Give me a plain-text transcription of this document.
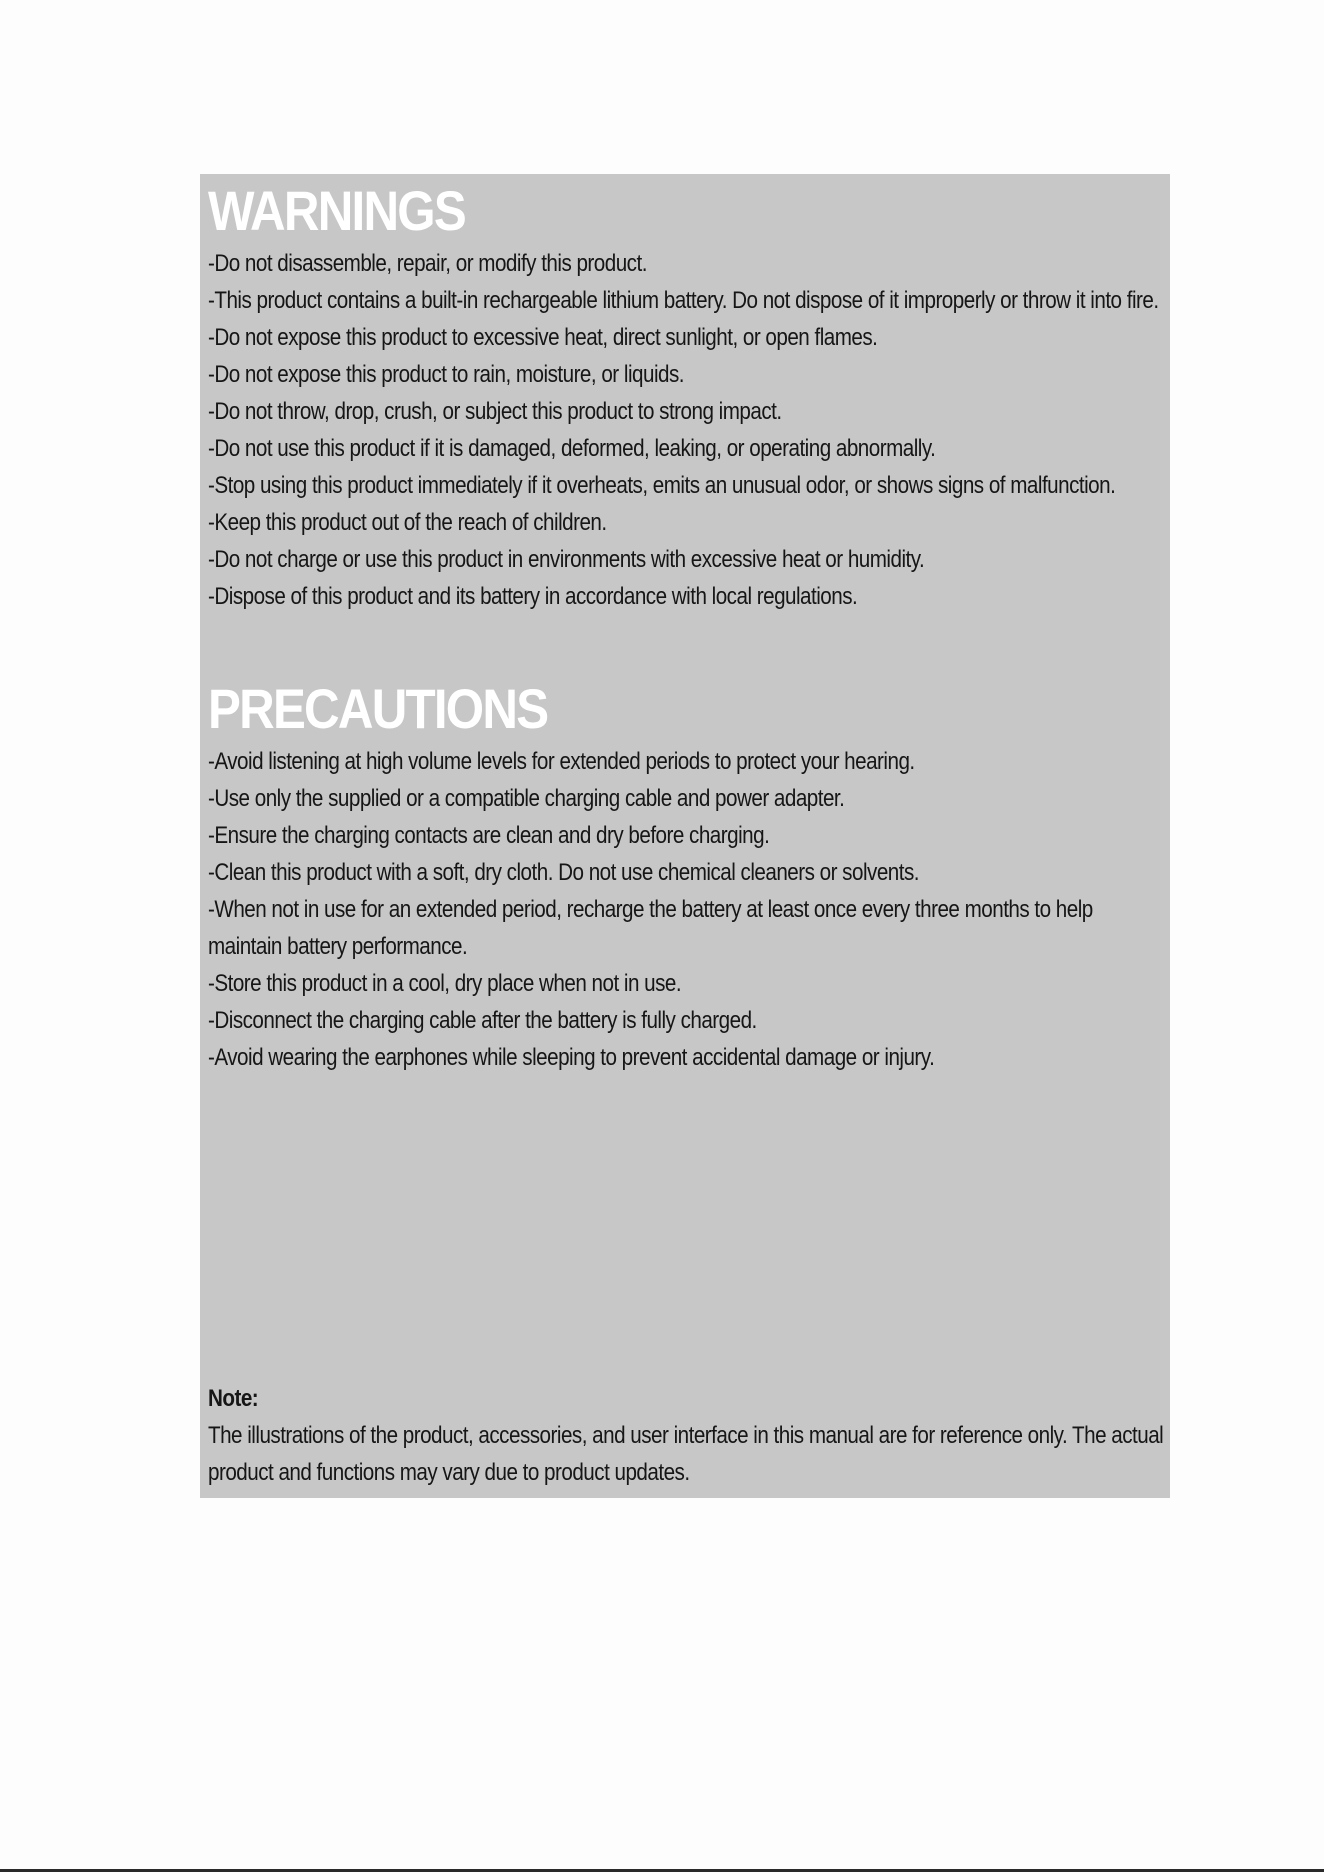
WARNINGS
-Do not disassemble, repair, or modify this product.
-This product contains a built-in rechargeable lithium battery. Do not dispose of it improperly or throw it into fire.
-Do not expose this product to excessive heat, direct sunlight, or open flames.
-Do not expose this product to rain, moisture, or liquids.
-Do not throw, drop, crush, or subject this product to strong impact.
-Do not use this product if it is damaged, deformed, leaking, or operating abnormally.
-Stop using this product immediately if it overheats, emits an unusual odor, or shows signs of malfunction.
-Keep this product out of the reach of children.
-Do not charge or use this product in environments with excessive heat or humidity.
-Dispose of this product and its battery in accordance with local regulations.
PRECAUTIONS
-Avoid listening at high volume levels for extended periods to protect your hearing.
-Use only the supplied or a compatible charging cable and power adapter.
-Ensure the charging contacts are clean and dry before charging.
-Clean this product with a soft, dry cloth. Do not use chemical cleaners or solvents.
-When not in use for an extended period, recharge the battery at least once every three months to help maintain battery performance.
-Store this product in a cool, dry place when not in use.
-Disconnect the charging cable after the battery is fully charged.
-Avoid wearing the earphones while sleeping to prevent accidental damage or injury.
Note:
The illustrations of the product, accessories, and user interface in this manual are for reference only. The actual product and functions may vary due to product updates.
